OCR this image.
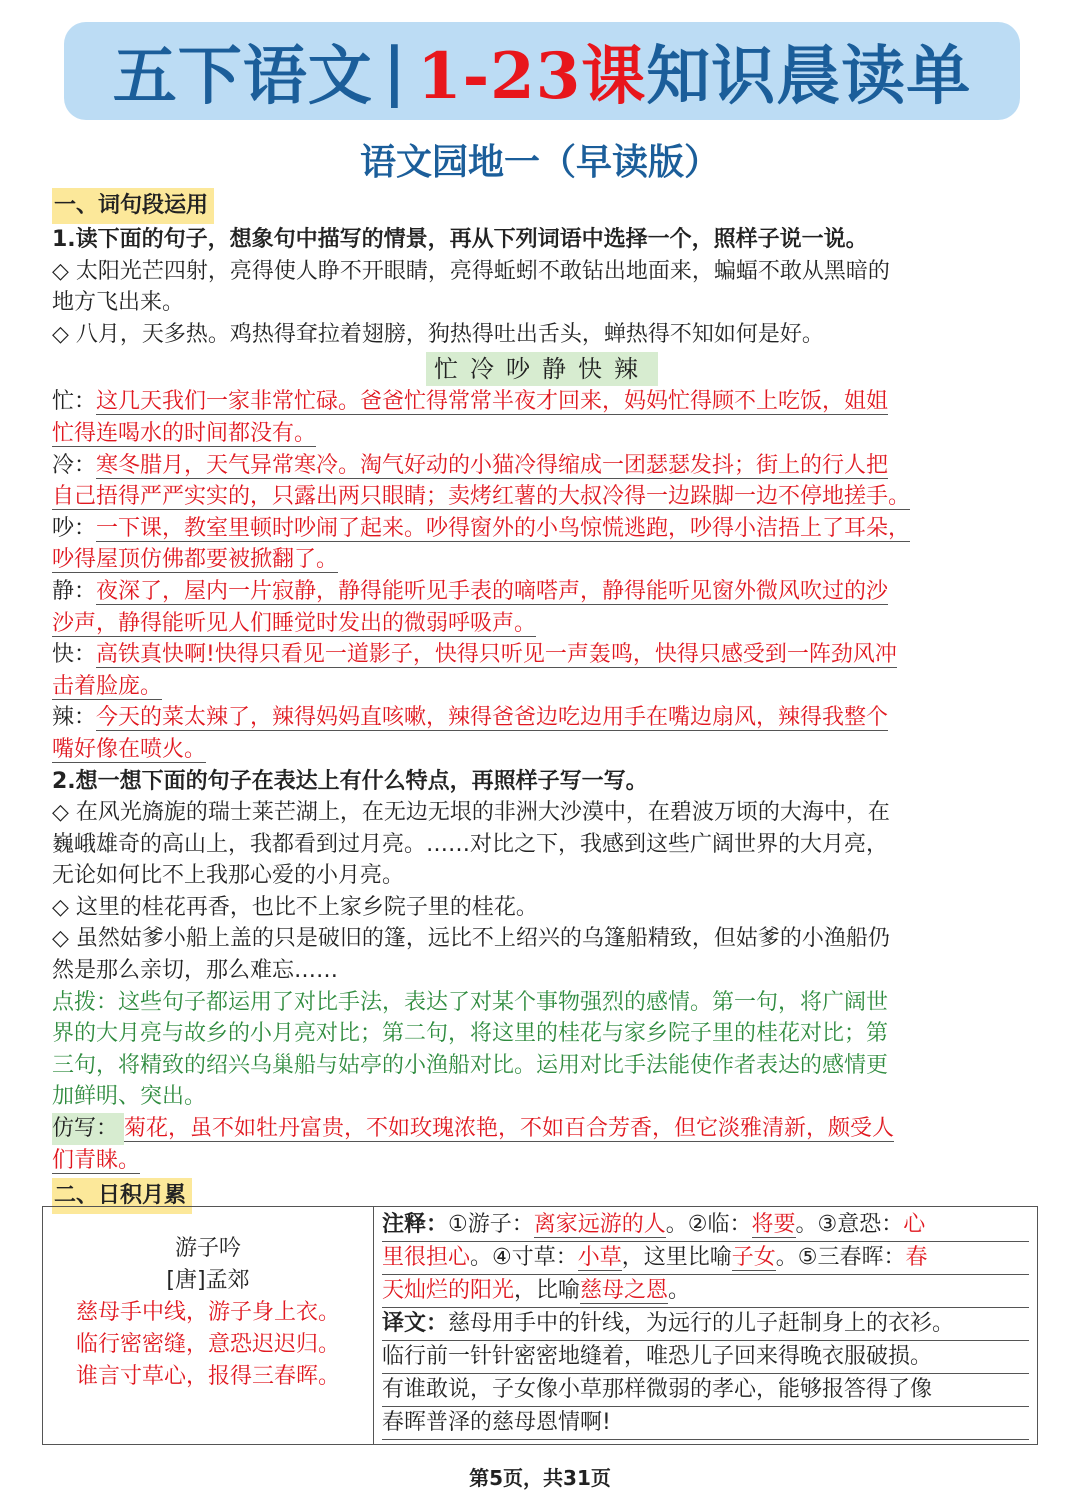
五下语文 | 1-23课 知识晨读单
语文园地一（早读版）
一、词句段运用
1.读下面的句子，想象句中描写的情景，再从下列词语中选择一个，照样子说一说。
◇ 太阳光芒四射，亮得使人睁不开眼睛，亮得蚯蚓不敢钻出地面来，蝙蝠不敢从黑暗的
地方飞出来。
◇ 八月，天多热。鸡热得耷拉着翅膀，狗热得吐出舌头，蝉热得不知如何是好。
忙冷吵静快辣
忙：这几天我们一家非常忙碌。爸爸忙得常常半夜才回来，妈妈忙得顾不上吃饭，姐姐
忙得连喝水的时间都没有。
冷：寒冬腊月，天气异常寒冷。淘气好动的小猫冷得缩成一团瑟瑟发抖；街上的行人把
自己捂得严严实实的，只露出两只眼睛；卖烤红薯的大叔冷得一边跺脚一边不停地搓手。
吵：一下课，教室里顿时吵闹了起来。吵得窗外的小鸟惊慌逃跑，吵得小洁捂上了耳朵，
吵得屋顶仿佛都要被掀翻了。
静：夜深了，屋内一片寂静，静得能听见手表的嘀嗒声，静得能听见窗外微风吹过的沙
沙声，静得能听见人们睡觉时发出的微弱呼吸声。
快：高铁真快啊!快得只看见一道影子，快得只听见一声轰鸣，快得只感受到一阵劲风冲
击着脸庞。
辣：今天的菜太辣了，辣得妈妈直咳嗽，辣得爸爸边吃边用手在嘴边扇风，辣得我整个
嘴好像在喷火。
2.想一想下面的句子在表达上有什么特点，再照样子写一写。
◇ 在风光旖旎的瑞士莱芒湖上，在无边无垠的非洲大沙漠中，在碧波万顷的大海中，在
巍峨雄奇的高山上，我都看到过月亮。……对比之下，我感到这些广阔世界的大月亮，
无论如何比不上我那心爱的小月亮。
◇ 这里的桂花再香，也比不上家乡院子里的桂花。
◇ 虽然姑爹小船上盖的只是破旧的篷，远比不上绍兴的乌篷船精致，但姑爹的小渔船仍
然是那么亲切，那么难忘……
点拨：这些句子都运用了对比手法，表达了对某个事物强烈的感情。第一句，将广阔世
界的大月亮与故乡的小月亮对比；第二句，将这里的桂花与家乡院子里的桂花对比；第
三句，将精致的绍兴乌巢船与姑亭的小渔船对比。运用对比手法能使作者表达的感情更
加鲜明、突出。
仿写： 菊花，虽不如牡丹富贵，不如玫瑰浓艳，不如百合芳香，但它淡雅清新，颇受人
们青睐。
二、日积月累
游子吟
[唐]孟郊
慈母手中线，游子身上衣。
临行密密缝，意恐迟迟归。
谁言寸草心，报得三春晖。

注释：①游子：离家远游的人。②临：将要。③意恐：心
里很担心。④寸草：小草，这里比喻子女。⑤三春晖：春
天灿烂的阳光，比喻慈母之恩。
译文：慈母用手中的针线，为远行的儿子赶制身上的衣衫。
临行前一针针密密地缝着，唯恐儿子回来得晚衣服破损。
有谁敢说，子女像小草那样微弱的孝心，能够报答得了像
春晖普泽的慈母恩情啊!
第5页，共31页
